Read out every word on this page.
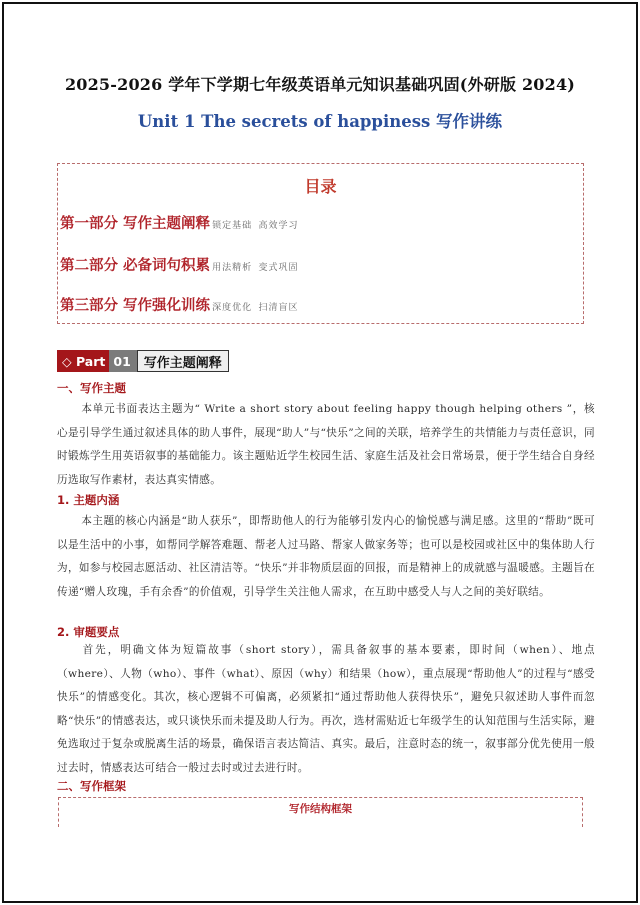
2025-2026 学年下学期七年级英语单元知识基础巩固(外研版 2024)
Unit 1 The secrets of happiness 写作讲练
目录
第一部分 写作主题阐释 锁定基础 高效学习
第二部分 必备词句积累 用法精析 变式巩固
第三部分 写作强化训练 深度优化 扫清盲区
◇ Part 01	写作主题阐释
一、写作主题
本单元书面表达主题为“ Write a short story about feeling happy though helping others ”，核心是引导学生通过叙述具体的助人事件，展现“助人”与“快乐”之间的关联，培养学生的共情能力与责任意识，同时锻炼学生用英语叙事的基础能力。该主题贴近学生校园生活、家庭生活及社会日常场景，便于学生结合自身经历选取写作素材，表达真实情感。
1. 主题内涵
本主题的核心内涵是“助人获乐”，即帮助他人的行为能够引发内心的愉悦感与满足感。这里的“帮助”既可以是生活中的小事，如帮同学解答难题、帮老人过马路、帮家人做家务等；也可以是校园或社区中的集体助人行为，如参与校园志愿活动、社区清洁等。“快乐”并非物质层面的回报，而是精神上的成就感与温暖感。主题旨在传递“赠人玫瑰，手有余香”的价值观，引导学生关注他人需求，在互助中感受人与人之间的美好联结。
2. 审题要点
首先，明确文体为短篇故事（short story），需具备叙事的基本要素，即时间（when）、地点（where）、人物（who）、事件（what）、原因（why）和结果（how），重点展现“帮助他人”的过程与“感受快乐”的情感变化。其次，核心逻辑不可偏离，必须紧扣“通过帮助他人获得快乐”，避免只叙述助人事件而忽略“快乐”的情感表达，或只谈快乐而未提及助人行为。再次，选材需贴近七年级学生的认知范围与生活实际，避免选取过于复杂或脱离生活的场景，确保语言表达简洁、真实。最后，注意时态的统一，叙事部分优先使用一般过去时，情感表达可结合一般过去时或过去进行时。
二、写作框架
写作结构框架
